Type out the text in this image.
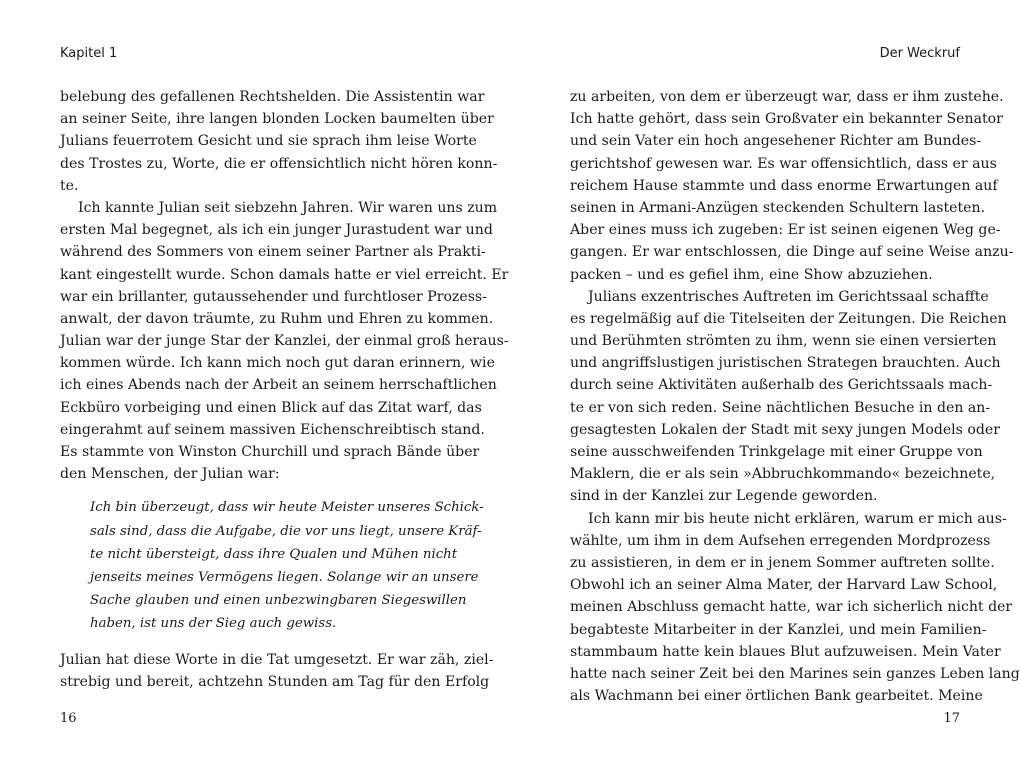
Kapitel 1
belebung des gefallenen Rechtshelden. Die Assistentin war
an seiner Seite, ihre langen blonden Locken baumelten über
Julians feuerrotem Gesicht und sie sprach ihm leise Worte
des Trostes zu, Worte, die er offensichtlich nicht hören konn-
te.
Ich kannte Julian seit siebzehn Jahren. Wir waren uns zum
ersten Mal begegnet, als ich ein junger Jurastudent war und
während des Sommers von einem seiner Partner als Prakti-
kant eingestellt wurde. Schon damals hatte er viel erreicht. Er
war ein brillanter, gutaussehender und furchtloser Prozess-
anwalt, der davon träumte, zu Ruhm und Ehren zu kommen.
Julian war der junge Star der Kanzlei, der einmal groß heraus-
kommen würde. Ich kann mich noch gut daran erinnern, wie
ich eines Abends nach der Arbeit an seinem herrschaftlichen
Eckbüro vorbeiging und einen Blick auf das Zitat warf, das
eingerahmt auf seinem massiven Eichenschreibtisch stand.
Es stammte von Winston Churchill und sprach Bände über
den Menschen, der Julian war:
Ich bin überzeugt, dass wir heute Meister unseres Schick-
sals sind, dass die Aufgabe, die vor uns liegt, unsere Kräf-
te nicht übersteigt, dass ihre Qualen und Mühen nicht
jenseits meines Vermögens liegen. Solange wir an unsere
Sache glauben und einen unbezwingbaren Siegeswillen
haben, ist uns der Sieg auch gewiss.
Julian hat diese Worte in die Tat umgesetzt. Er war zäh, ziel-
strebig und bereit, achtzehn Stunden am Tag für den Erfolg
16
Der Weckruf
zu arbeiten, von dem er überzeugt war, dass er ihm zustehe.
Ich hatte gehört, dass sein Großvater ein bekannter Senator
und sein Vater ein hoch angesehener Richter am Bundes-
gerichtshof gewesen war. Es war offensichtlich, dass er aus
reichem Hause stammte und dass enorme Erwartungen auf
seinen in Armani-Anzügen steckenden Schultern lasteten.
Aber eines muss ich zugeben: Er ist seinen eigenen Weg ge-
gangen. Er war entschlossen, die Dinge auf seine Weise anzu-
packen – und es gefiel ihm, eine Show abzuziehen.
Julians exzentrisches Auftreten im Gerichtssaal schaffte
es regelmäßig auf die Titelseiten der Zeitungen. Die Reichen
und Berühmten strömten zu ihm, wenn sie einen versierten
und angriffslustigen juristischen Strategen brauchten. Auch
durch seine Aktivitäten außerhalb des Gerichtssaals mach-
te er von sich reden. Seine nächtlichen Besuche in den an-
gesagtesten Lokalen der Stadt mit sexy jungen Models oder
seine ausschweifenden Trinkgelage mit einer Gruppe von
Maklern, die er als sein »Abbruchkommando« bezeichnete,
sind in der Kanzlei zur Legende geworden.
Ich kann mir bis heute nicht erklären, warum er mich aus-
wählte, um ihm in dem Aufsehen erregenden Mordprozess
zu assistieren, in dem er in jenem Sommer auftreten sollte.
Obwohl ich an seiner Alma Mater, der Harvard Law School,
meinen Abschluss gemacht hatte, war ich sicherlich nicht der
begabteste Mitarbeiter in der Kanzlei, und mein Familien-
stammbaum hatte kein blaues Blut aufzuweisen. Mein Vater
hatte nach seiner Zeit bei den Marines sein ganzes Leben lang
als Wachmann bei einer örtlichen Bank gearbeitet. Meine
17
